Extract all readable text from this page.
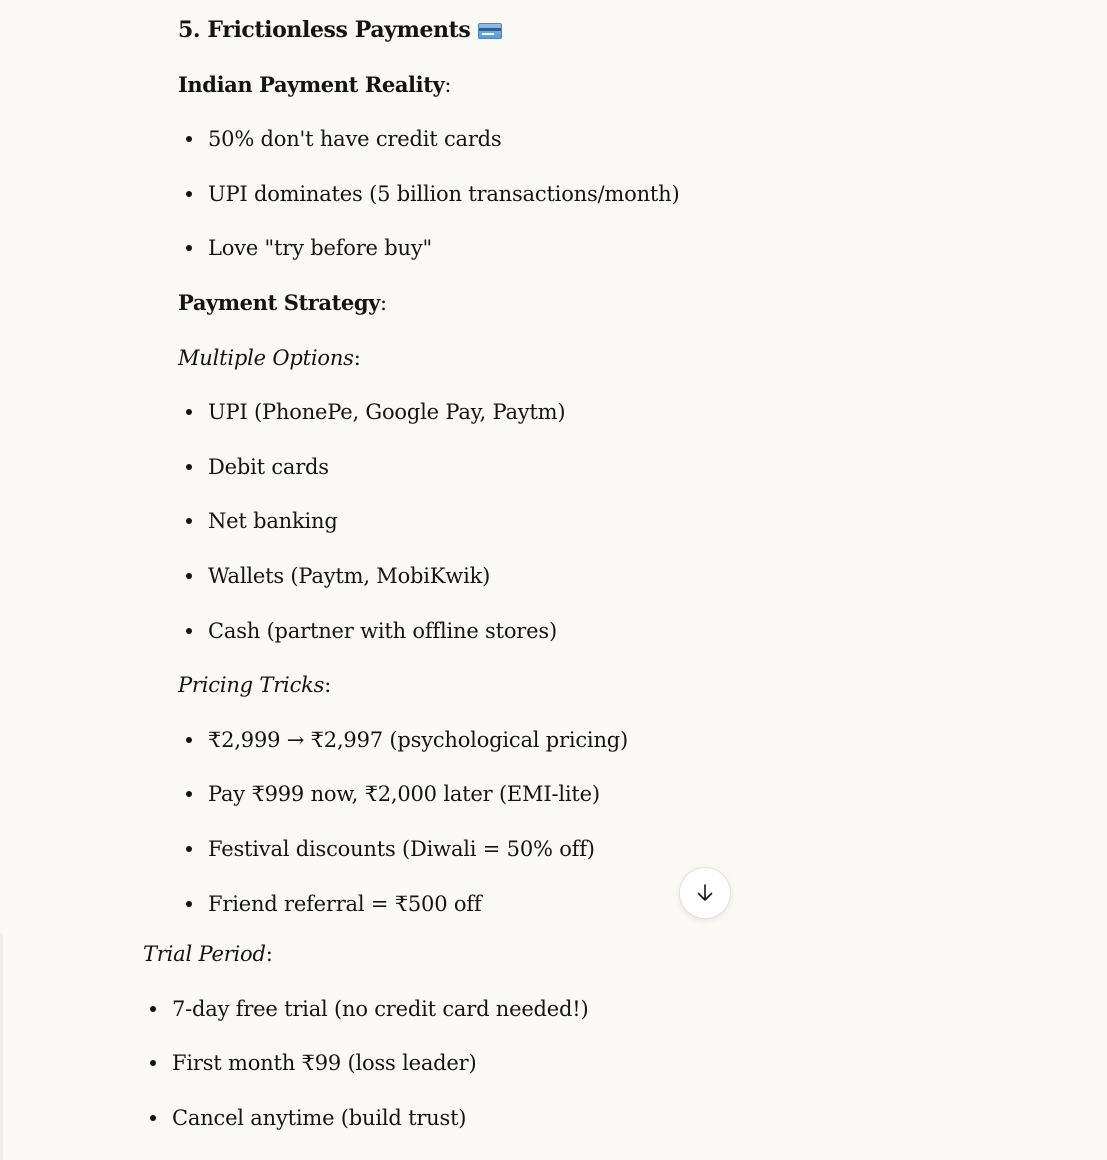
5. Frictionless Payments
Indian Payment Reality:
50% don't have credit cards
UPI dominates (5 billion transactions/month)
Love "try before buy"
Payment Strategy:
Multiple Options:
UPI (PhonePe, Google Pay, Paytm)
Debit cards
Net banking
Wallets (Paytm, MobiKwik)
Cash (partner with offline stores)
Pricing Tricks:
₹2,999 → ₹2,997 (psychological pricing)
Pay ₹999 now, ₹2,000 later (EMI-lite)
Festival discounts (Diwali = 50% off)
Friend referral = ₹500 off
Trial Period:
7-day free trial (no credit card needed!)
First month ₹99 (loss leader)
Cancel anytime (build trust)
